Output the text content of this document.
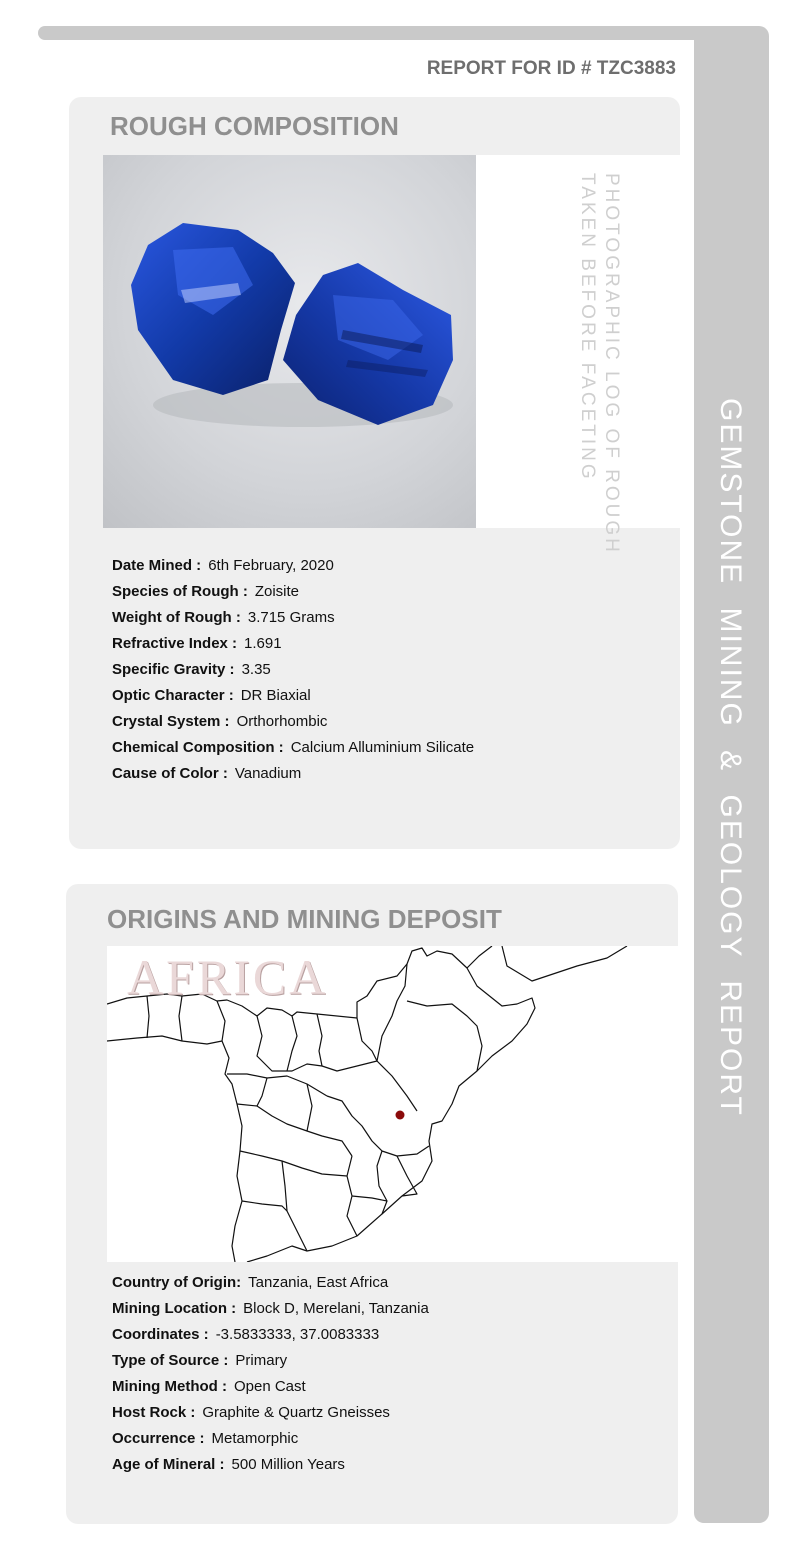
GEMSTONE MINING & GEOLOGY REPORT
REPORT FOR ID # TZC3883
ROUGH COMPOSITION
PHOTOGRAPHIC LOG OF ROUGH
TAKEN BEFORE FACETING
Date Mined : 6th February, 2020
Species of Rough : Zoisite
Weight of Rough : 3.715 Grams
Refractive Index : 1.691
Specific Gravity : 3.35
Optic Character : DR Biaxial
Crystal System : Orthorhombic
Chemical Composition : Calcium Alluminium Silicate
Cause of Color : Vanadium
ORIGINS AND MINING DEPOSIT
AFRICA
Country of Origin: Tanzania, East Africa
Mining Location : Block D, Merelani, Tanzania
Coordinates : -3.5833333, 37.0083333
Type of Source : Primary
Mining Method : Open Cast
Host Rock : Graphite & Quartz Gneisses
Occurrence : Metamorphic
Age of Mineral : 500 Million Years
